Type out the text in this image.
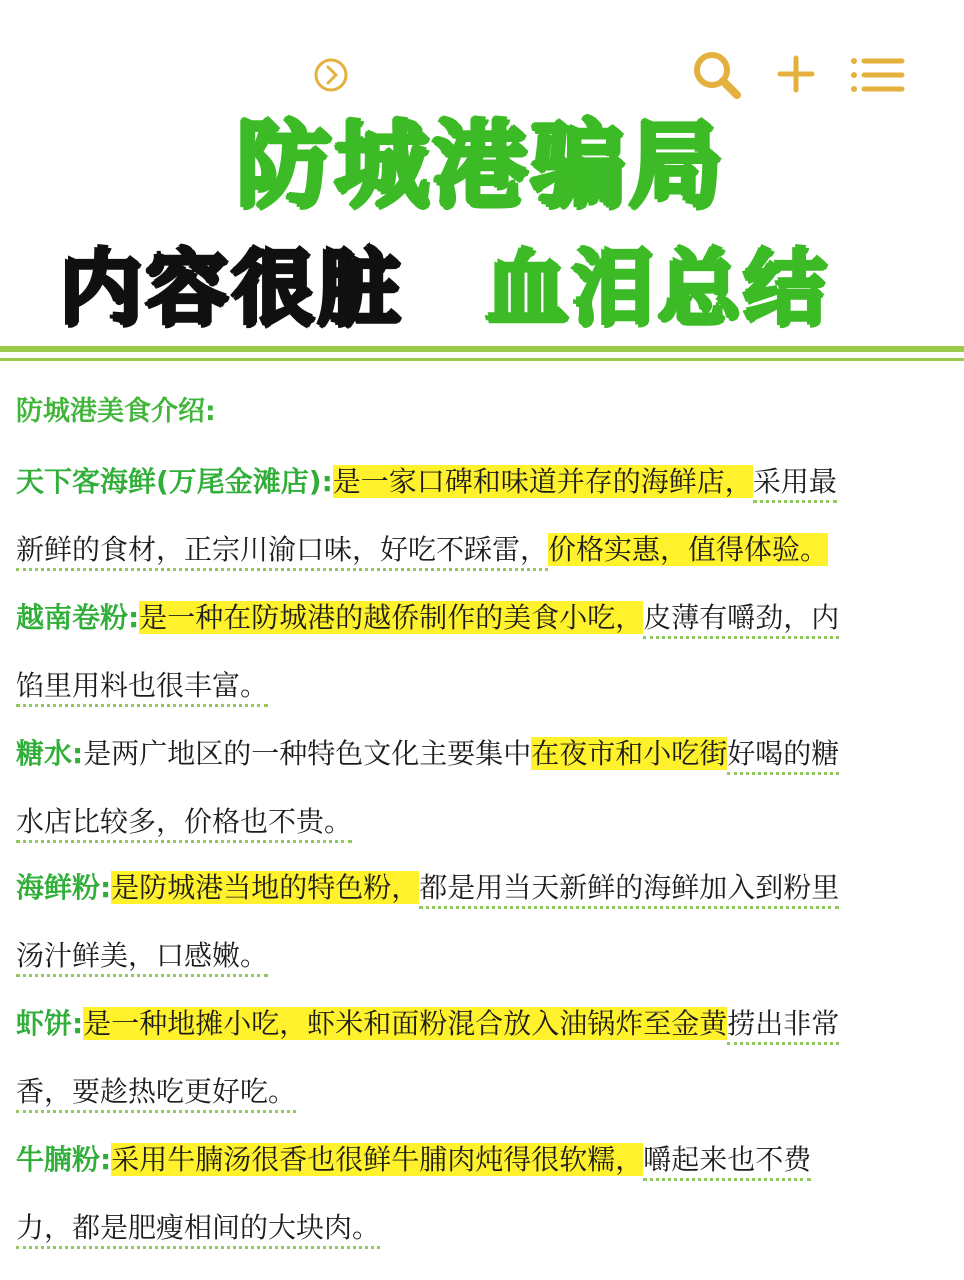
防城港骗局
内容很脏 血泪总结
防城港美食介绍:
天下客海鲜(万尾金滩店):是一家口碑和味道并存的海鲜店，采用最
新鲜的食材，正宗川渝口味，好吃不踩雷，价格实惠，值得体验。
越南卷粉:是一种在防城港的越侨制作的美食小吃，皮薄有嚼劲，内
馅里用料也很丰富。
糖水:是两广地区的一种特色文化主要集中在夜市和小吃街好喝的糖
水店比较多，价格也不贵。
海鲜粉:是防城港当地的特色粉，都是用当天新鲜的海鲜加入到粉里
汤汁鲜美，口感嫩。
虾饼:是一种地摊小吃，虾米和面粉混合放入油锅炸至金黄捞出非常
香，要趁热吃更好吃。
牛腩粉:采用牛腩汤很香也很鲜牛脯肉炖得很软糯，嚼起来也不费
力，都是肥瘦相间的大块肉。
